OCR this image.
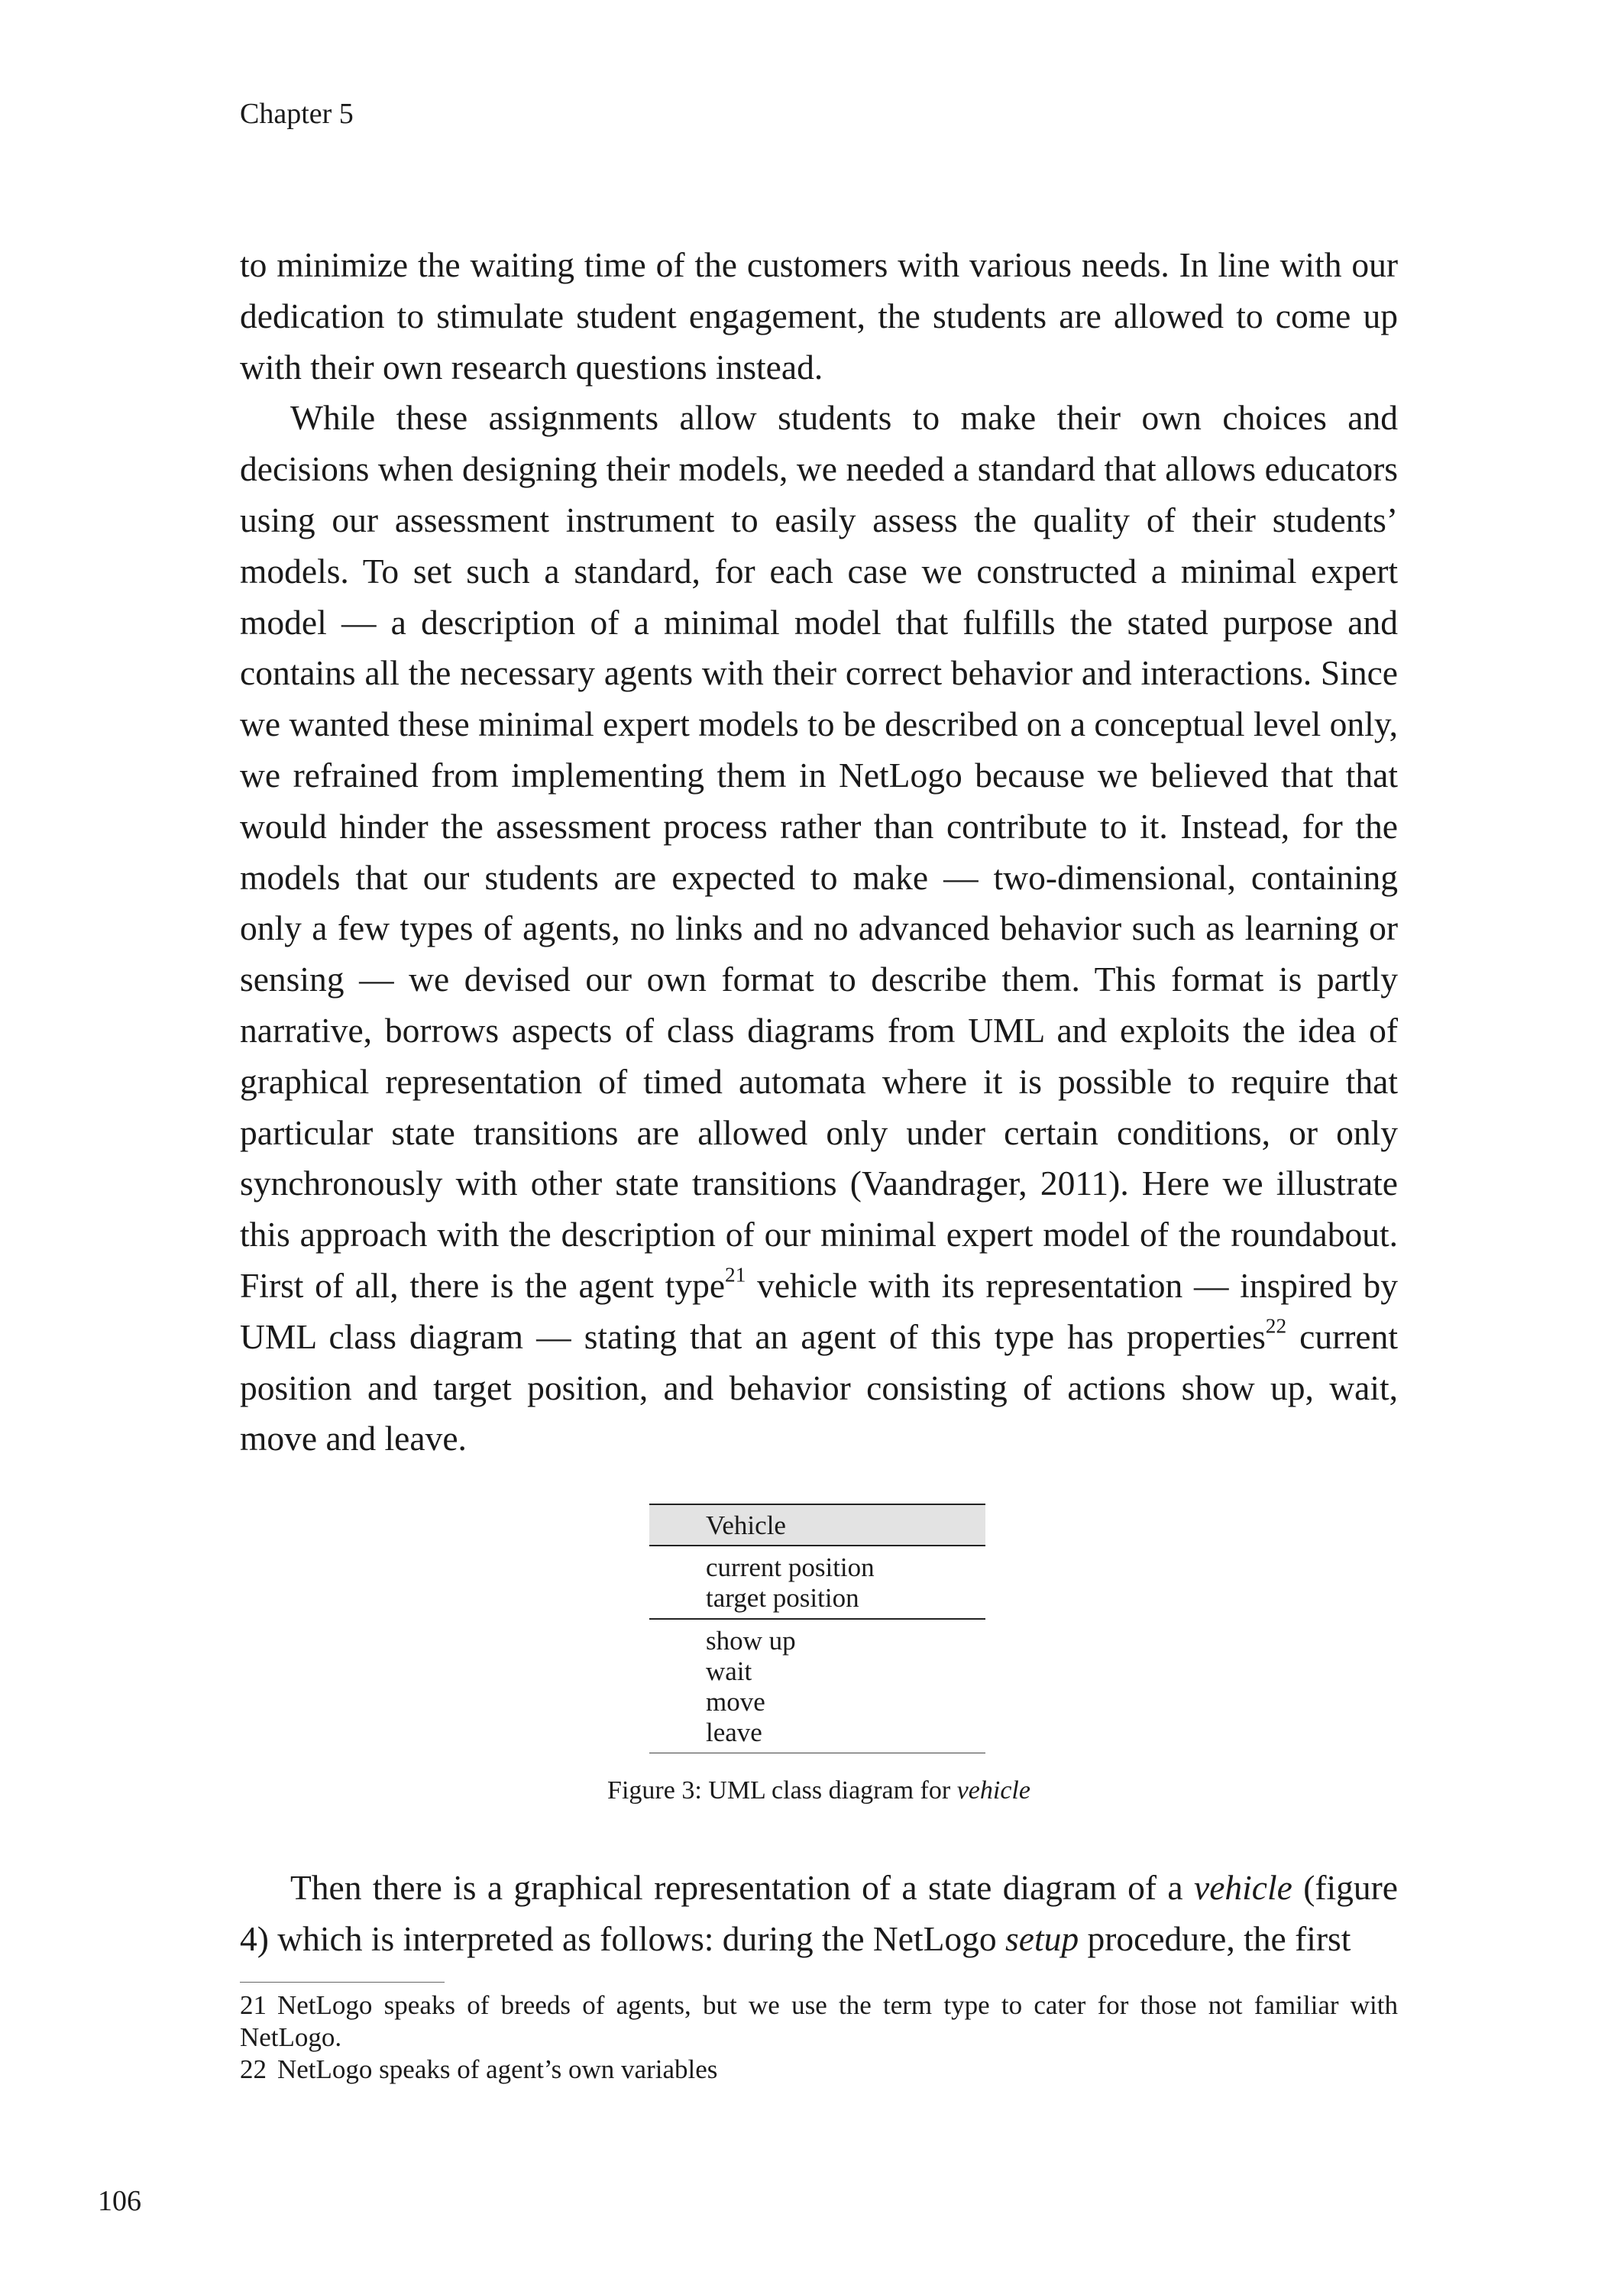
Chapter 5

to minimize the waiting time of the customers with various needs. In line with our dedication to stimulate student engagement, the students are allowed to come up with their own research questions instead.

While these assignments allow students to make their own choices and decisions when designing their models, we needed a standard that allows educators using our assessment instrument to easily assess the quality of their students’ models. To set such a standard, for each case we constructed a minimal expert model — a description of a minimal model that fulfills the stated purpose and contains all the necessary agents with their correct behavior and interactions. Since we wanted these minimal expert models to be described on a conceptual level only, we refrained from implementing them in NetLogo because we believed that that would hinder the assessment process rather than contribute to it. Instead, for the models that our students are expected to make — two-dimensional, containing only a few types of agents, no links and no advanced behavior such as learning or sensing — we devised our own format to describe them. This format is partly narrative, borrows aspects of class diagrams from UML and exploits the idea of graphical representation of timed automata where it is possible to require that particular state transitions are allowed only under certain conditions, or only synchronously with other state transitions (Vaandrager, 2011). Here we illustrate this approach with the description of our minimal expert model of the roundabout. First of all, there is the agent type$^{21}$ vehicle with its representation — inspired by UML class diagram — stating that an agent of this type has properties$^{22}$ current position and target position, and behavior consisting of actions show up, wait, move and leave.

Vehicle
current position
target position
show up
wait
move
leave
Figure 3: UML class diagram for vehicle

Then there is a graphical representation of a state diagram of a vehicle (figure 4) which is interpreted as follows: during the NetLogo setup procedure, the first

21 NetLogo speaks of breeds of agents, but we use the term type to cater for those not familiar with NetLogo.

22 NetLogo speaks of agent’s own variables

106
